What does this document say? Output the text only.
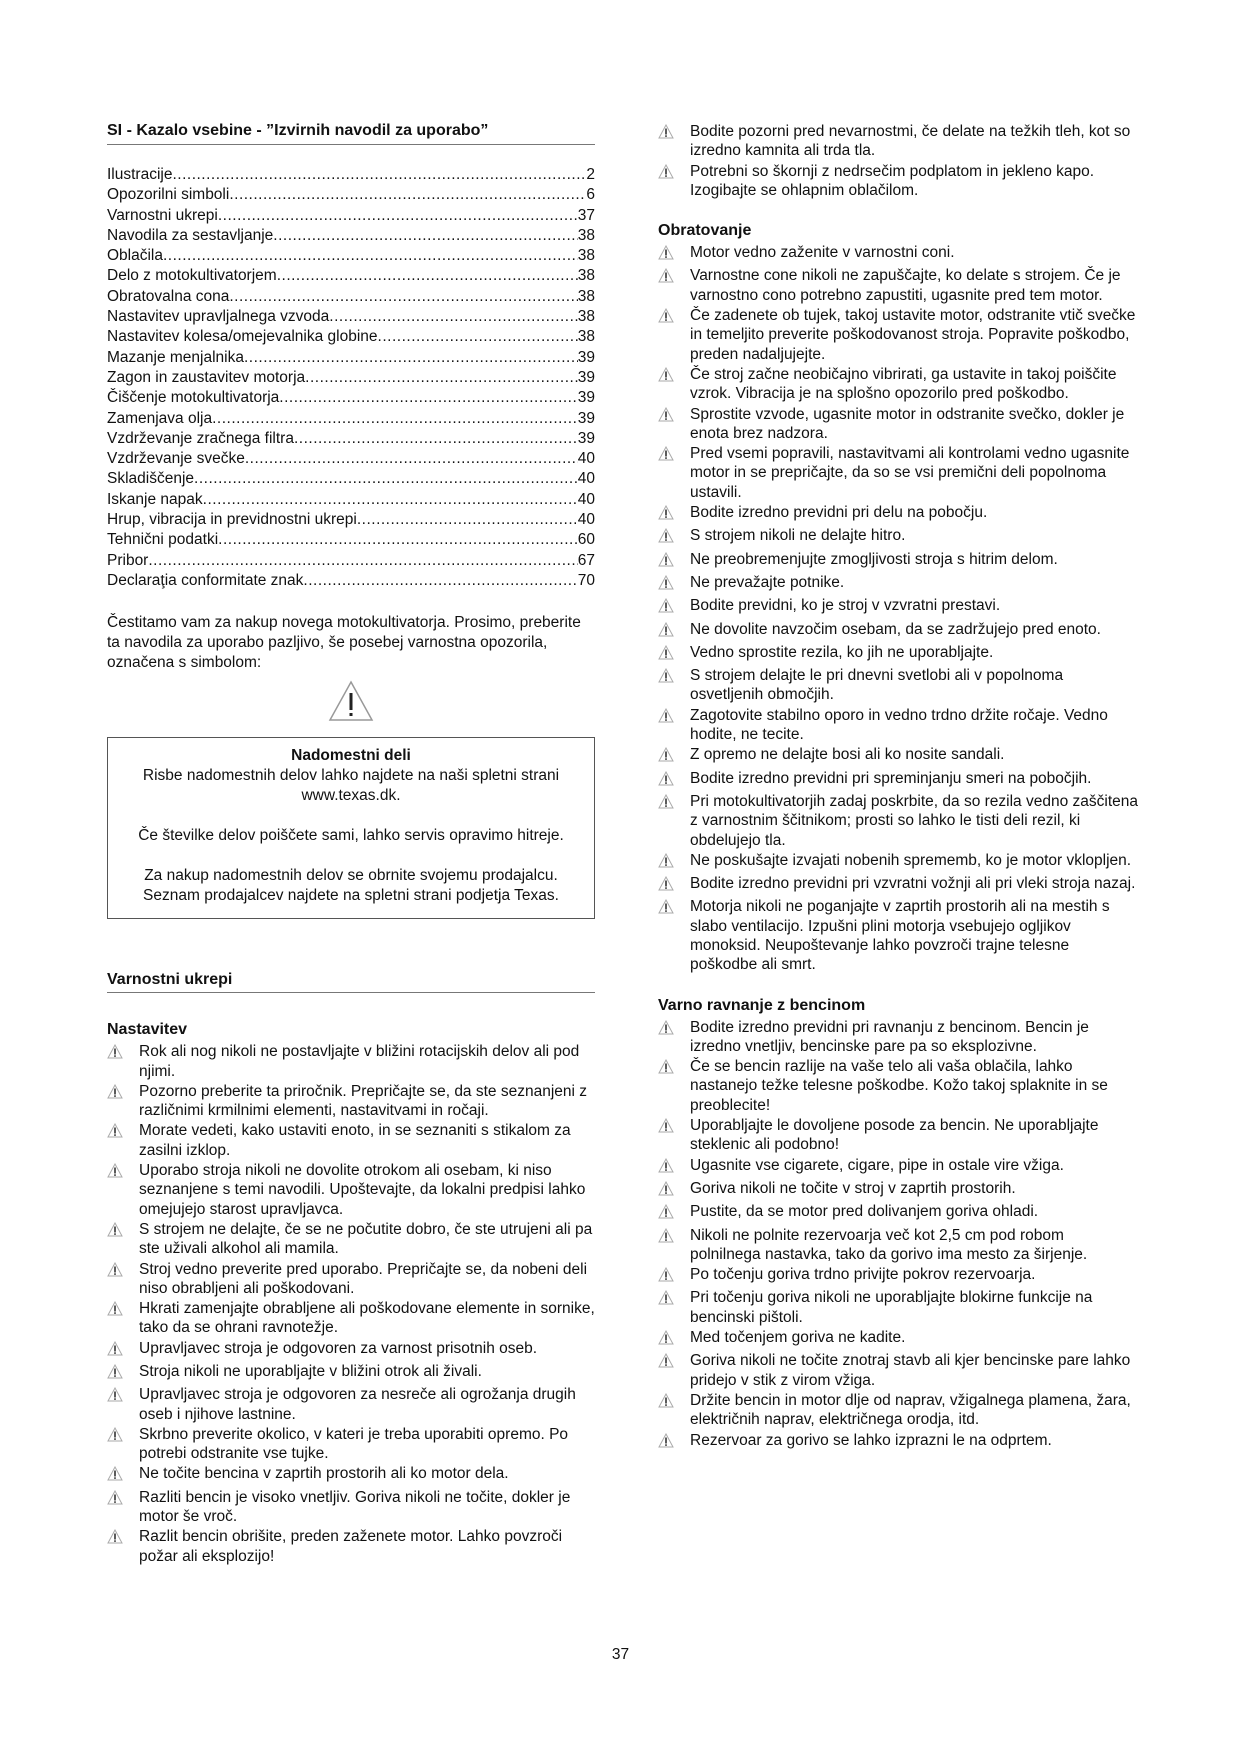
SI - Kazalo vsebine - ”Izvirnih navodil za uporabo”
Ilustracije .....	2
Opozorilni simboli .....	6
Varnostni ukrepi .....	37
Navodila za sestavljanje .....	38
Oblačila .....	38
Delo z motokultivatorjem .....	38
Obratovalna cona .....	38
Nastavitev upravljalnega vzvoda .....	38
Nastavitev kolesa/omejevalnika globine .....	38
Mazanje menjalnika .....	39
Zagon in zaustavitev motorja .....	39
Čiščenje motokultivatorja .....	39
Zamenjava olja .....	39
Vzdrževanje zračnega filtra .....	39
Vzdrževanje svečke .....	40
Skladiščenje .....	40
Iskanje napak .....	40
Hrup, vibracija in previdnostni ukrepi .....	40
Tehnični podatki .....	60
Pribor .....	67
Declaraţia conformitate znak .....	70
Čestitamo vam za nakup novega motokultivatorja. Prosimo, preberite ta navodila za uporabo pazljivo, še posebej varnostna opozorila, označena s simbolom:

Nadomestni deli

Risbe nadomestnih delov lahko najdete na naši spletni strani www.texas.dk.

Če številke delov poiščete sami, lahko servis opravimo hitreje.

Za nakup nadomestnih delov se obrnite svojemu prodajalcu. Seznam prodajalcev najdete na spletni strani podjetja Texas.

Varnostni ukrepi
Nastavitev
Rok ali nog nikoli ne postavljajte v bližini rotacijskih delov ali pod njimi.
Pozorno preberite ta priročnik. Prepričajte se, da ste seznanjeni z različnimi krmilnimi elementi, nastavitvami in ročaji.
Morate vedeti, kako ustaviti enoto, in se seznaniti s stikalom za zasilni izklop.
Uporabo stroja nikoli ne dovolite otrokom ali osebam, ki niso seznanjene s temi navodili. Upoštevajte, da lokalni predpisi lahko omejujejo starost upravljavca.
S strojem ne delajte, če se ne počutite dobro, če ste utrujeni ali pa ste uživali alkohol ali mamila.
Stroj vedno preverite pred uporabo. Prepričajte se, da nobeni deli niso obrabljeni ali poškodovani.
Hkrati zamenjajte obrabljene ali poškodovane elemente in sornike, tako da se ohrani ravnotežje.
Upravljavec stroja je odgovoren za varnost prisotnih oseb.
Stroja nikoli ne uporabljajte v bližini otrok ali živali.
Upravljavec stroja je odgovoren za nesreče ali ogrožanja drugih oseb i njihove lastnine.
Skrbno preverite okolico, v kateri je treba uporabiti opremo. Po potrebi odstranite vse tujke.
Ne točite bencina v zaprtih prostorih ali ko motor dela.
Razliti bencin je visoko vnetljiv. Goriva nikoli ne točite, dokler je motor še vroč.
Razlit bencin obrišite, preden zaženete motor. Lahko povzroči požar ali eksplozijo!
Bodite pozorni pred nevarnostmi, če delate na težkih tleh, kot so izredno kamnita ali trda tla.
Potrebni so škornji z nedrsečim podplatom in jekleno kapo. Izogibajte se ohlapnim oblačilom.
Obratovanje
Motor vedno zaženite v varnostni coni.
Varnostne cone nikoli ne zapuščajte, ko delate s strojem. Če je varnostno cono potrebno zapustiti, ugasnite pred tem motor.
Če zadenete ob tujek, takoj ustavite motor, odstranite vtič svečke in temeljito preverite poškodovanost stroja. Popravite poškodbo, preden nadaljujejte.
Če stroj začne neobičajno vibrirati, ga ustavite in takoj poiščite vzrok. Vibracija je na splošno opozorilo pred poškodbo.
Sprostite vzvode, ugasnite motor in odstranite svečko, dokler je enota brez nadzora.
Pred vsemi popravili, nastavitvami ali kontrolami vedno ugasnite motor in se prepričajte, da so se vsi premični deli popolnoma ustavili.
Bodite izredno previdni pri delu na pobočju.
S strojem nikoli ne delajte hitro.
Ne preobremenjujte zmogljivosti stroja s hitrim delom.
Ne prevažajte potnike.
Bodite previdni, ko je stroj v vzvratni prestavi.
Ne dovolite navzočim osebam, da se zadržujejo pred enoto.
Vedno sprostite rezila, ko jih ne uporabljajte.
S strojem delajte le pri dnevni svetlobi ali v popolnoma osvetljenih območjih.
Zagotovite stabilno oporo in vedno trdno držite ročaje. Vedno hodite, ne tecite.
Z opremo ne delajte bosi ali ko nosite sandali.
Bodite izredno previdni pri spreminjanju smeri na pobočjih.
Pri motokultivatorjih zadaj poskrbite, da so rezila vedno zaščitena z varnostnim ščitnikom; prosti so lahko le tisti deli rezil, ki obdelujejo tla.
Ne poskušajte izvajati nobenih sprememb, ko je motor vklopljen.
Bodite izredno previdni pri vzvratni vožnji ali pri vleki stroja nazaj.
Motorja nikoli ne poganjajte v zaprtih prostorih ali na mestih s slabo ventilacijo. Izpušni plini motorja vsebujejo ogljikov monoksid. Neupoštevanje lahko povzroči trajne telesne poškodbe ali smrt.
Varno ravnanje z bencinom
Bodite izredno previdni pri ravnanju z bencinom. Bencin je izredno vnetljiv, bencinske pare pa so eksplozivne.
Če se bencin razlije na vaše telo ali vaša oblačila, lahko nastanejo težke telesne poškodbe. Kožo takoj splaknite in se preoblecite!
Uporabljajte le dovoljene posode za bencin. Ne uporabljajte steklenic ali podobno!
Ugasnite vse cigarete, cigare, pipe in ostale vire vžiga.
Goriva nikoli ne točite v stroj v zaprtih prostorih.
Pustite, da se motor pred dolivanjem goriva ohladi.
Nikoli ne polnite rezervoarja več kot 2,5 cm pod robom polnilnega nastavka, tako da gorivo ima mesto za širjenje.
Po točenju goriva trdno privijte pokrov rezervoarja.
Pri točenju goriva nikoli ne uporabljajte blokirne funkcije na bencinski pištoli.
Med točenjem goriva ne kadite.
Goriva nikoli ne točite znotraj stavb ali kjer bencinske pare lahko pridejo v stik z virom vžiga.
Držite bencin in motor dlje od naprav, vžigalnega plamena, žara, električnih naprav, električnega orodja, itd.
Rezervoar za gorivo se lahko izprazni le na odprtem.
37
